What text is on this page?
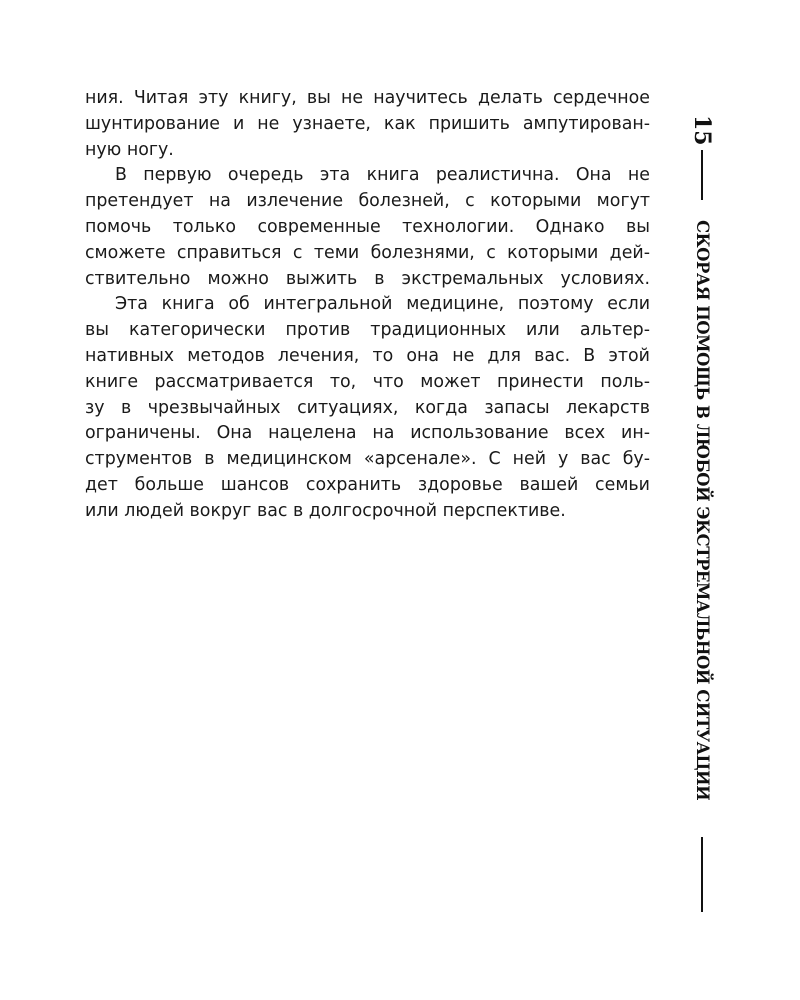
ния. Читая эту книгу, вы не научитесь делать сердечное
шунтирование и не узнаете, как пришить ампутирован-
ную ногу.
В первую очередь эта книга реалистична. Она не
претендует на излечение болезней, с которыми могут
помочь только современные технологии. Однако вы
сможете справиться с теми болезнями, с которыми дей-
ствительно можно выжить в экстремальных условиях.
Эта книга об интегральной медицине, поэтому если
вы категорически против традиционных или альтер-
нативных методов лечения, то она не для вас. В этой
книге рассматривается то, что может принести поль-
зу в чрезвычайных ситуациях, когда запасы лекарств
ограничены. Она нацелена на использование всех ин-
струментов в медицинском «арсенале». С ней у вас бу-
дет больше шансов сохранить здоровье вашей семьи
или людей вокруг вас в долгосрочной перспективе.
15
СКОРАЯ ПОМОЩЬ В ЛЮБОЙ ЭКСТРЕМАЛЬНОЙ СИТУАЦИИ
